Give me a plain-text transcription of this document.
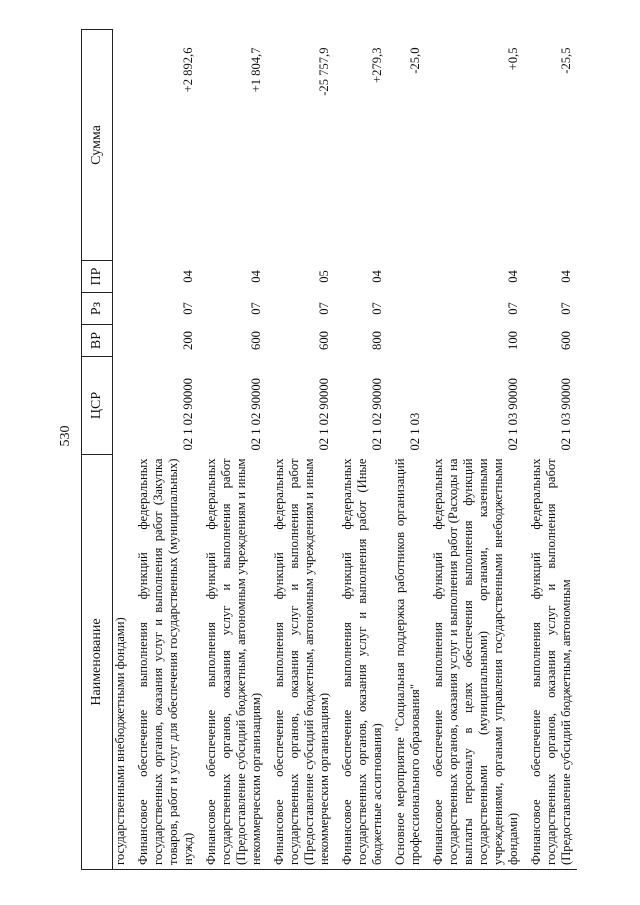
530
Наименование	ЦСР	ВР	Рз	ПР	Сумма
государственными внебюджетными фондами)					
Финансовое обеспечение выполнения функций федеральных государственных органов, оказания услуг и выполнения работ (Закупка товаров, работ и услуг для обеспечения государственных (муниципальных) нужд)	02 1 02 90000	200	07	04	+2 892,6
Финансовое обеспечение выполнения функций федеральных государственных органов, оказания услуг и выполнения работ (Предоставление субсидий бюджетным, автономным учреждениям и иным некоммерческим организациям)	02 1 02 90000	600	07	04	+1 804,7
Финансовое обеспечение выполнения функций федеральных государственных органов, оказания услуг и выполнения работ (Предоставление субсидий бюджетным, автономным учреждениям и иным некоммерческим организациям)	02 1 02 90000	600	07	05	-25 757,9
Финансовое обеспечение выполнения функций федеральных государственных органов, оказания услуг и выполнения работ (Иные бюджетные ассигнования)	02 1 02 90000	800	07	04	+279,3
Основное мероприятие "Социальная поддержка работников организаций профессионального образования"	02 1 03				-25,0
Финансовое обеспечение выполнения функций федеральных государственных органов, оказания услуг и выполнения работ (Расходы на выплаты персоналу в целях обеспечения выполнения функций государственными (муниципальными) органами, казенными учреждениями, органами управления государственными внебюджетными фондами)	02 1 03 90000	100	07	04	+0,5
Финансовое обеспечение выполнения функций федеральных государственных органов, оказания услуг и выполнения работ (Предоставление субсидий бюджетным, автономным	02 1 03 90000	600	07	04	-25,5
